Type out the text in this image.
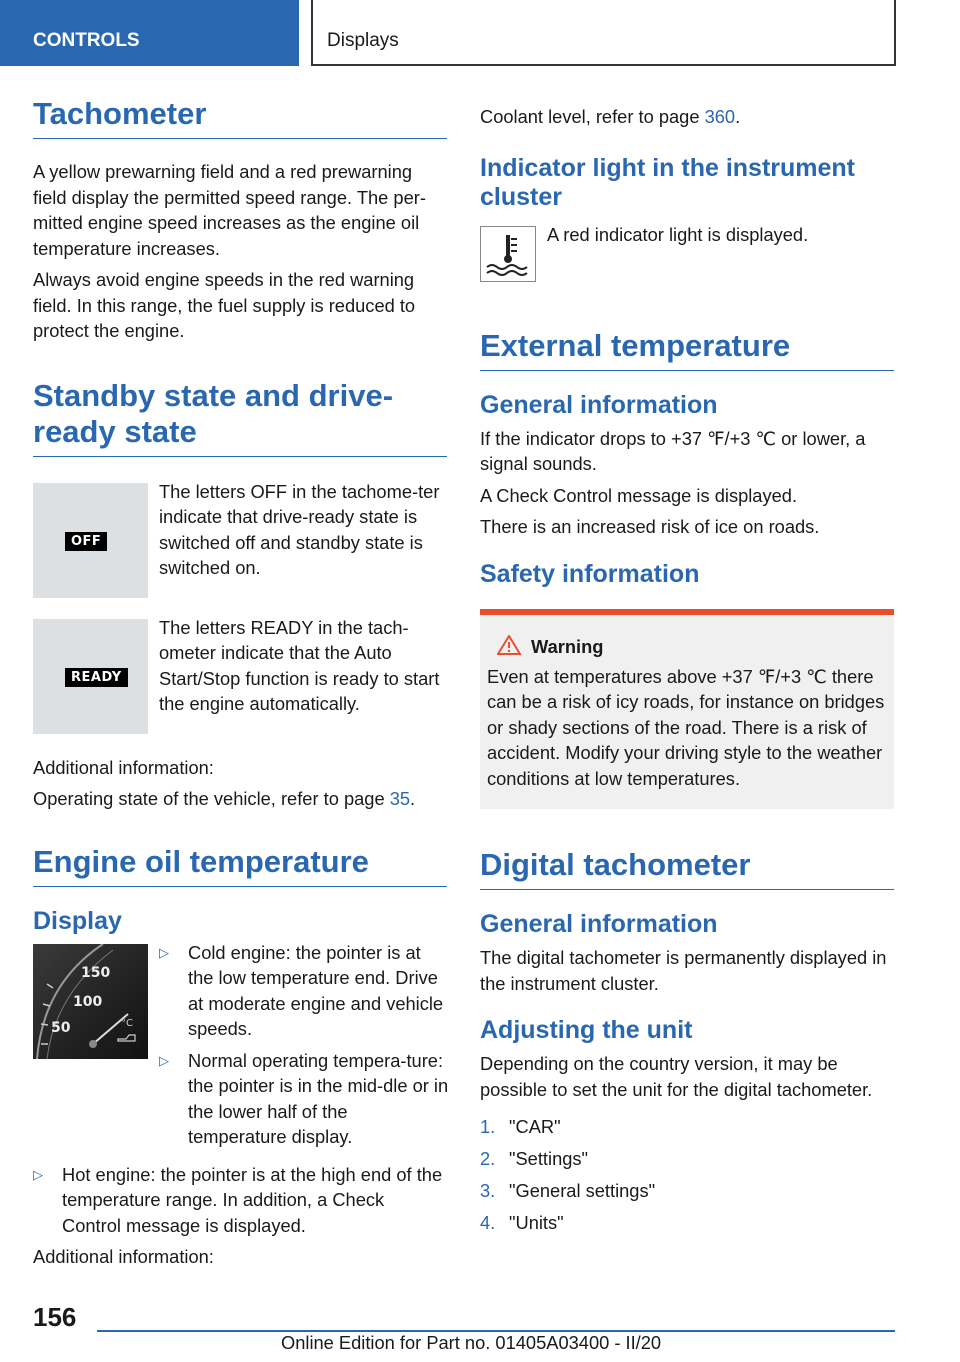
CONTROLS	Displays
Tachometer

A yellow prewarning field and a red prewarning field display the permitted speed range. The per-mitted engine speed increases as the engine oil temperature increases.

Always avoid engine speeds in the red warning field. In this range, the fuel supply is reduced to protect the engine.

Standby state and drive-ready state
OFF
The letters OFF in the tachome-ter indicate that drive-ready state is switched off and standby state is switched on.
READY
The letters READY in the tach-ometer indicate that the Auto Start/Stop function is ready to start the engine automatically.

Additional information:

Operating state of the vehicle, refer to page 35.

Engine oil temperature
Display
150
100
50	°C
▷ Cold engine: the pointer is at the low temperature end. Drive at moderate engine and vehicle speeds.
▷ Normal operating tempera-ture: the pointer is in the mid-dle or in the lower half of the temperature display.
▷ Hot engine: the pointer is at the high end of the temperature range. In addition, a Check Control message is displayed.

Additional information:

Coolant level, refer to page 360.

Indicator light in the instrument cluster
A red indicator light is displayed.
External temperature
General information

If the indicator drops to +37 ℉/+3 ℃ or lower, a signal sounds.

A Check Control message is displayed.

There is an increased risk of ice on roads.

Safety information
Warning

Even at temperatures above +37 ℉/+3 ℃ there can be a risk of icy roads, for instance on bridges or shady sections of the road. There is a risk of accident. Modify your driving style to the weather conditions at low temperatures.

Digital tachometer
General information

The digital tachometer is permanently displayed in the instrument cluster.

Adjusting the unit

Depending on the country version, it may be possible to set the unit for the digital tachometer.

1. "CAR"
2. "Settings"
3. "General settings"
4. "Units"
156
Online Edition for Part no. 01405A03400 - II/20
